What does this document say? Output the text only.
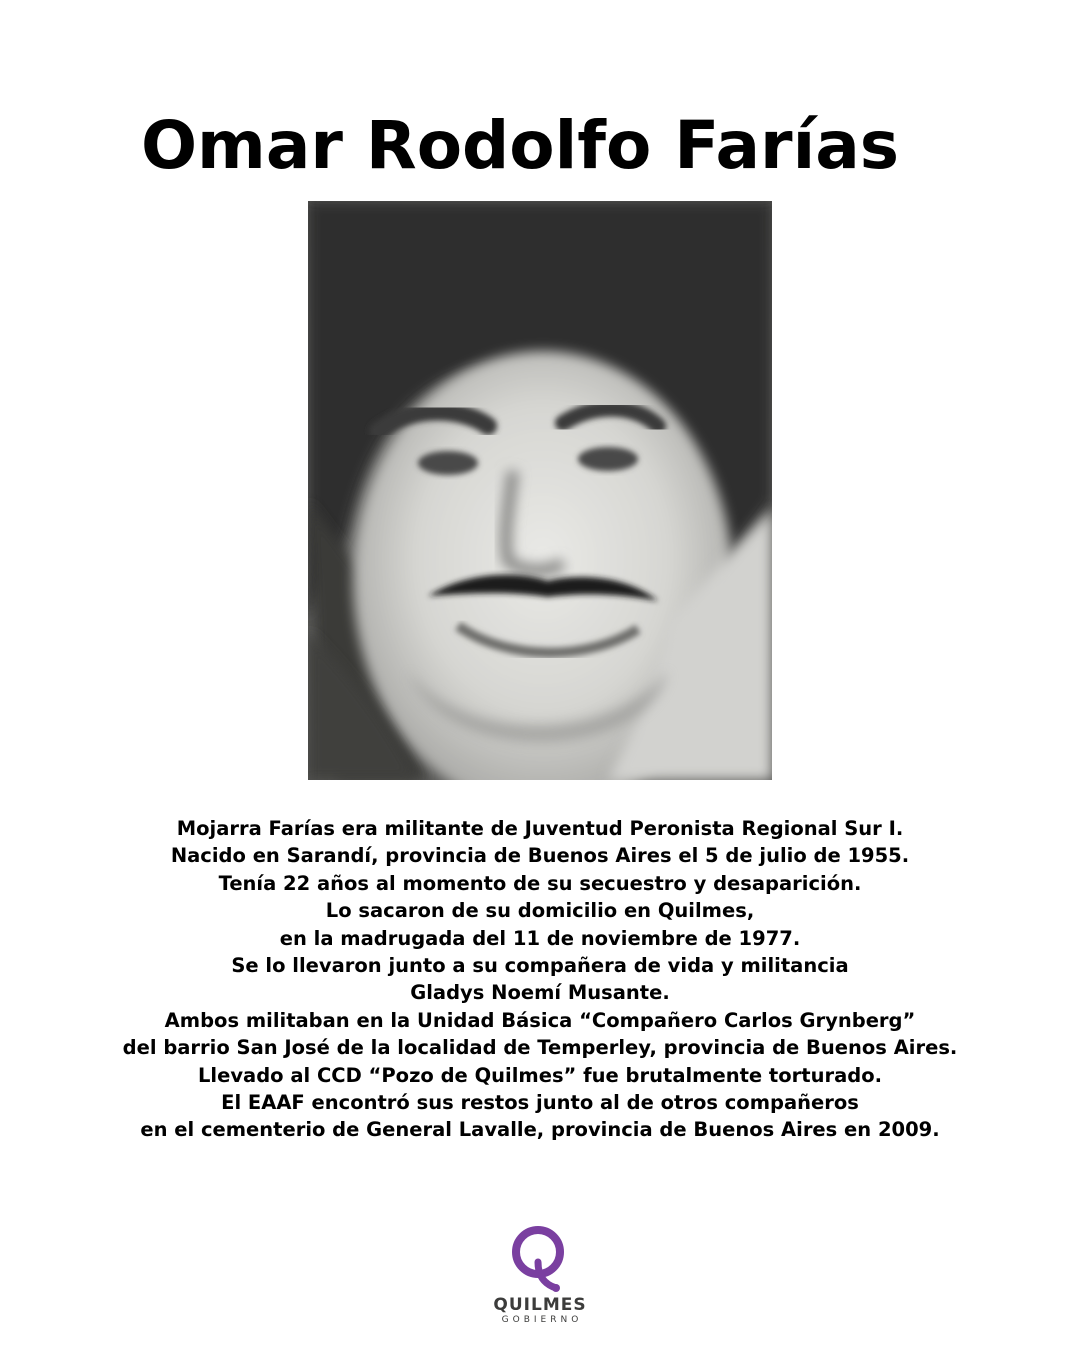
Omar Rodolfo Farías
Mojarra Farías era militante de Juventud Peronista Regional Sur I.
Nacido en Sarandí, provincia de Buenos Aires el 5 de julio de 1955.
Tenía 22 años al momento de su secuestro y desaparición.
Lo sacaron de su domicilio en Quilmes,
en la madrugada del 11 de noviembre de 1977.
Se lo llevaron junto a su compañera de vida y militancia
Gladys Noemí Musante.
Ambos militaban en la Unidad Básica “Compañero Carlos Grynberg”
del barrio San José de la localidad de Temperley, provincia de Buenos Aires.
Llevado al CCD “Pozo de Quilmes” fue brutalmente torturado.
El EAAF encontró sus restos junto al de otros compañeros
en el cementerio de General Lavalle, provincia de Buenos Aires en 2009.
QUILMES
GOBIERNO
